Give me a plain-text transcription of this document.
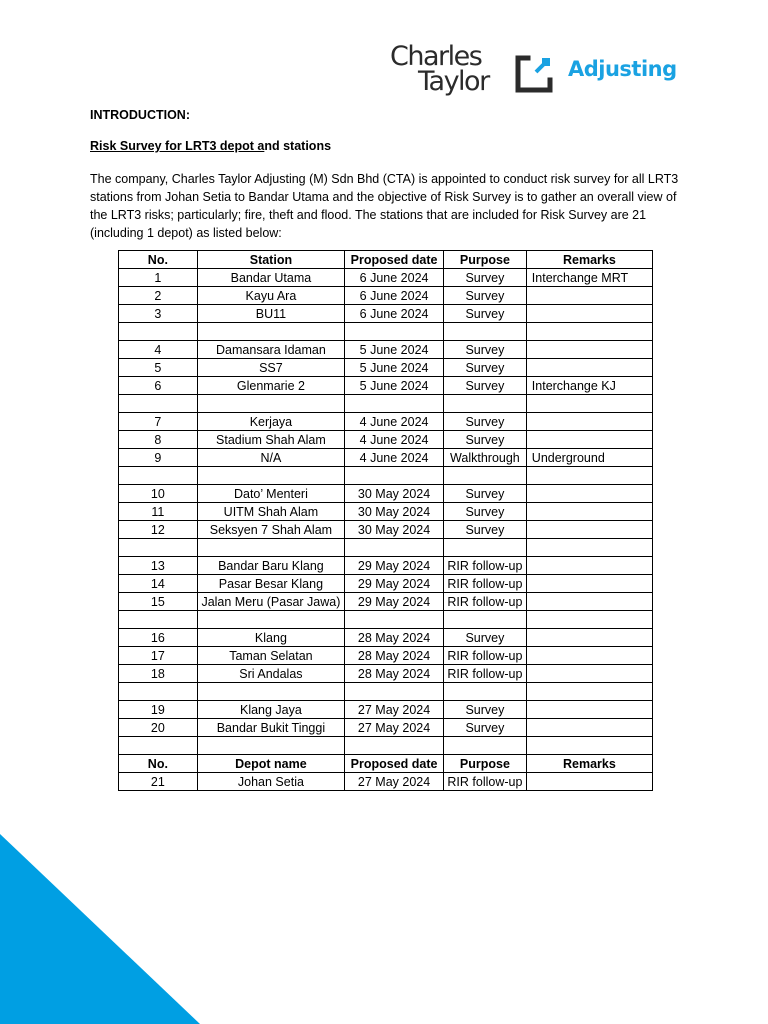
Charles
Taylor	Adjusting

INTRODUCTION:

Risk Survey for LRT3 depot and stations

The company, Charles Taylor Adjusting (M) Sdn Bhd (CTA) is appointed to conduct risk survey for all LRT3 stations from Johan Setia to Bandar Utama and the objective of Risk Survey is to gather an overall view of the LRT3 risks; particularly; fire, theft and flood. The stations that are included for Risk Survey are 21 (including 1 depot) as listed below:

No.	Station	Proposed date	Purpose	Remarks
1	Bandar Utama	6 June 2024	Survey	Interchange MRT
2	Kayu Ara	6 June 2024	Survey	
3	BU11	6 June 2024	Survey	

4	Damansara Idaman	5 June 2024	Survey	
5	SS7	5 June 2024	Survey	
6	Glenmarie 2	5 June 2024	Survey	Interchange KJ

7	Kerjaya	4 June 2024	Survey	
8	Stadium Shah Alam	4 June 2024	Survey	
9	N/A	4 June 2024	Walkthrough	Underground

10	Dato’ Menteri	30 May 2024	Survey	
11	UITM Shah Alam	30 May 2024	Survey	
12	Seksyen 7 Shah Alam	30 May 2024	Survey	

13	Bandar Baru Klang	29 May 2024	RIR follow-up	
14	Pasar Besar Klang	29 May 2024	RIR follow-up	
15	Jalan Meru (Pasar Jawa)	29 May 2024	RIR follow-up	

16	Klang	28 May 2024	Survey	
17	Taman Selatan	28 May 2024	RIR follow-up	
18	Sri Andalas	28 May 2024	RIR follow-up	

19	Klang Jaya	27 May 2024	Survey	
20	Bandar Bukit Tinggi	27 May 2024	Survey	

No.	Depot name	Proposed date	Purpose	Remarks
21	Johan Setia	27 May 2024	RIR follow-up	
